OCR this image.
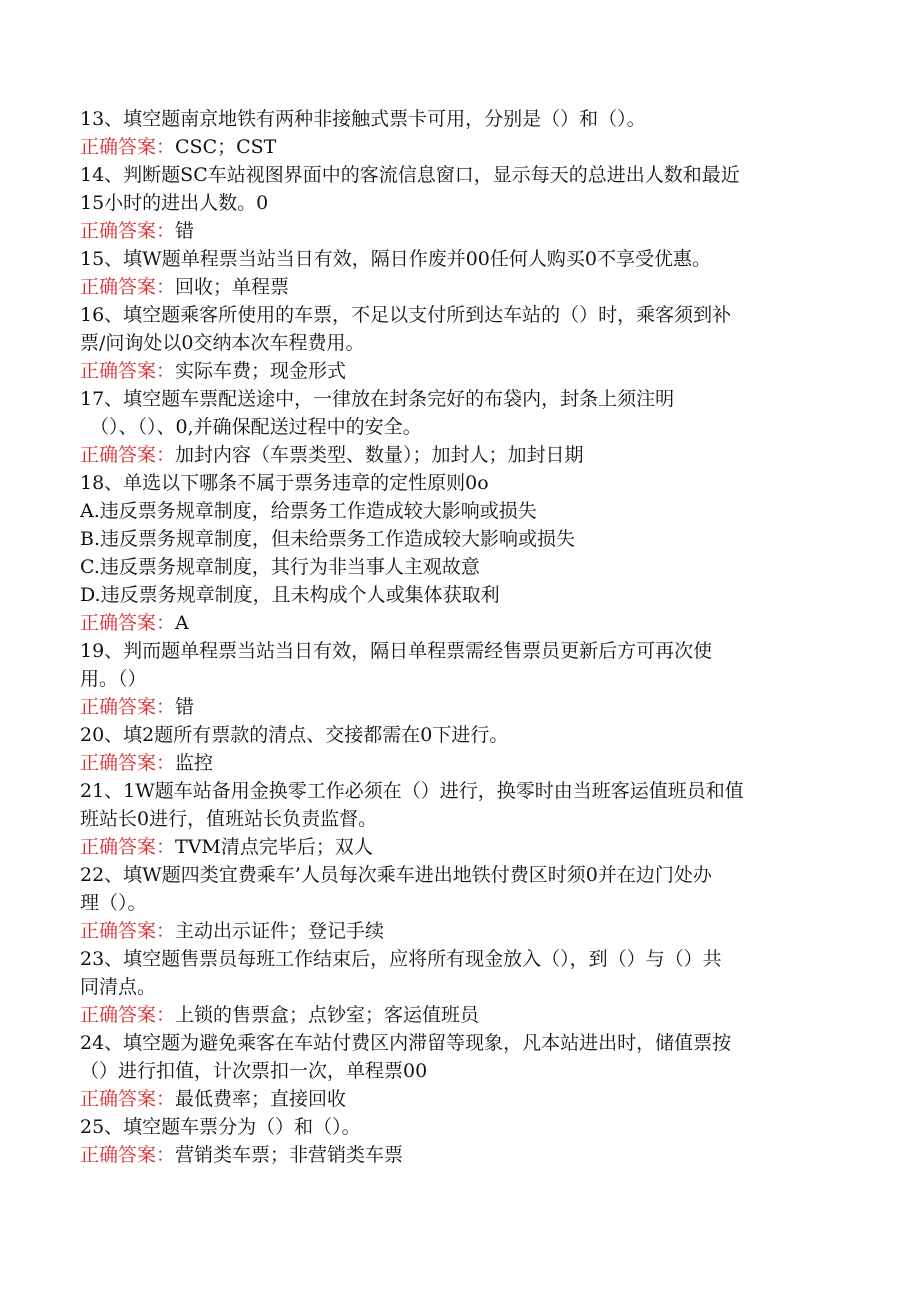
13、填空题南京地铁有两种非接触式票卡可用，分别是（）和（）。
正确答案：CSC；CST
14、判断题SC车站视图界面中的客流信息窗口，显示每天的总进出人数和最近
15小时的进出人数。0
正确答案：错
15、填W题单程票当站当日有效，隔日作废并00任何人购买0不享受优惠。
正确答案：回收；单程票
16、填空题乘客所使用的车票，不足以支付所到达车站的（）时，乘客须到补
票/问询处以0交纳本次车程费用。
正确答案：实际车费；现金形式
17、填空题车票配送途中，一律放在封条完好的布袋内，封条上须注明
（）、（）、0,并确保配送过程中的安全。
正确答案：加封内容（车票类型、数量）；加封人；加封日期
18、单选以下哪条不属于票务违章的定性原则0o
A.违反票务规章制度，给票务工作造成较大影响或损失
B.违反票务规章制度，但未给票务工作造成较大影响或损失
C.违反票务规章制度，其行为非当事人主观故意
D.违反票务规章制度，且未构成个人或集体获取利
正确答案：A
19、判而题单程票当站当日有效，隔日单程票需经售票员更新后方可再次使
用。（）
正确答案：错
20、填2题所有票款的清点、交接都需在0下进行。
正确答案：监控
21、1W题车站备用金换零工作必须在（）进行，换零时由当班客运值班员和值
班站长0进行，值班站长负责监督。
正确答案：TVM清点完毕后；双人
22、填W题四类宜费乘车’人员每次乘车进出地铁付费区时须0并在边门处办
理（）。
正确答案：主动出示证件；登记手续
23、填空题售票员每班工作结束后，应将所有现金放入（），到（）与（）共
同清点。
正确答案：上锁的售票盒；点钞室；客运值班员
24、填空题为避免乘客在车站付费区内滞留等现象，凡本站进出时，储值票按
（）进行扣值，计次票扣一次，单程票00
正确答案：最低费率；直接回收
25、填空题车票分为（）和（）。
正确答案：营销类车票；非营销类车票
